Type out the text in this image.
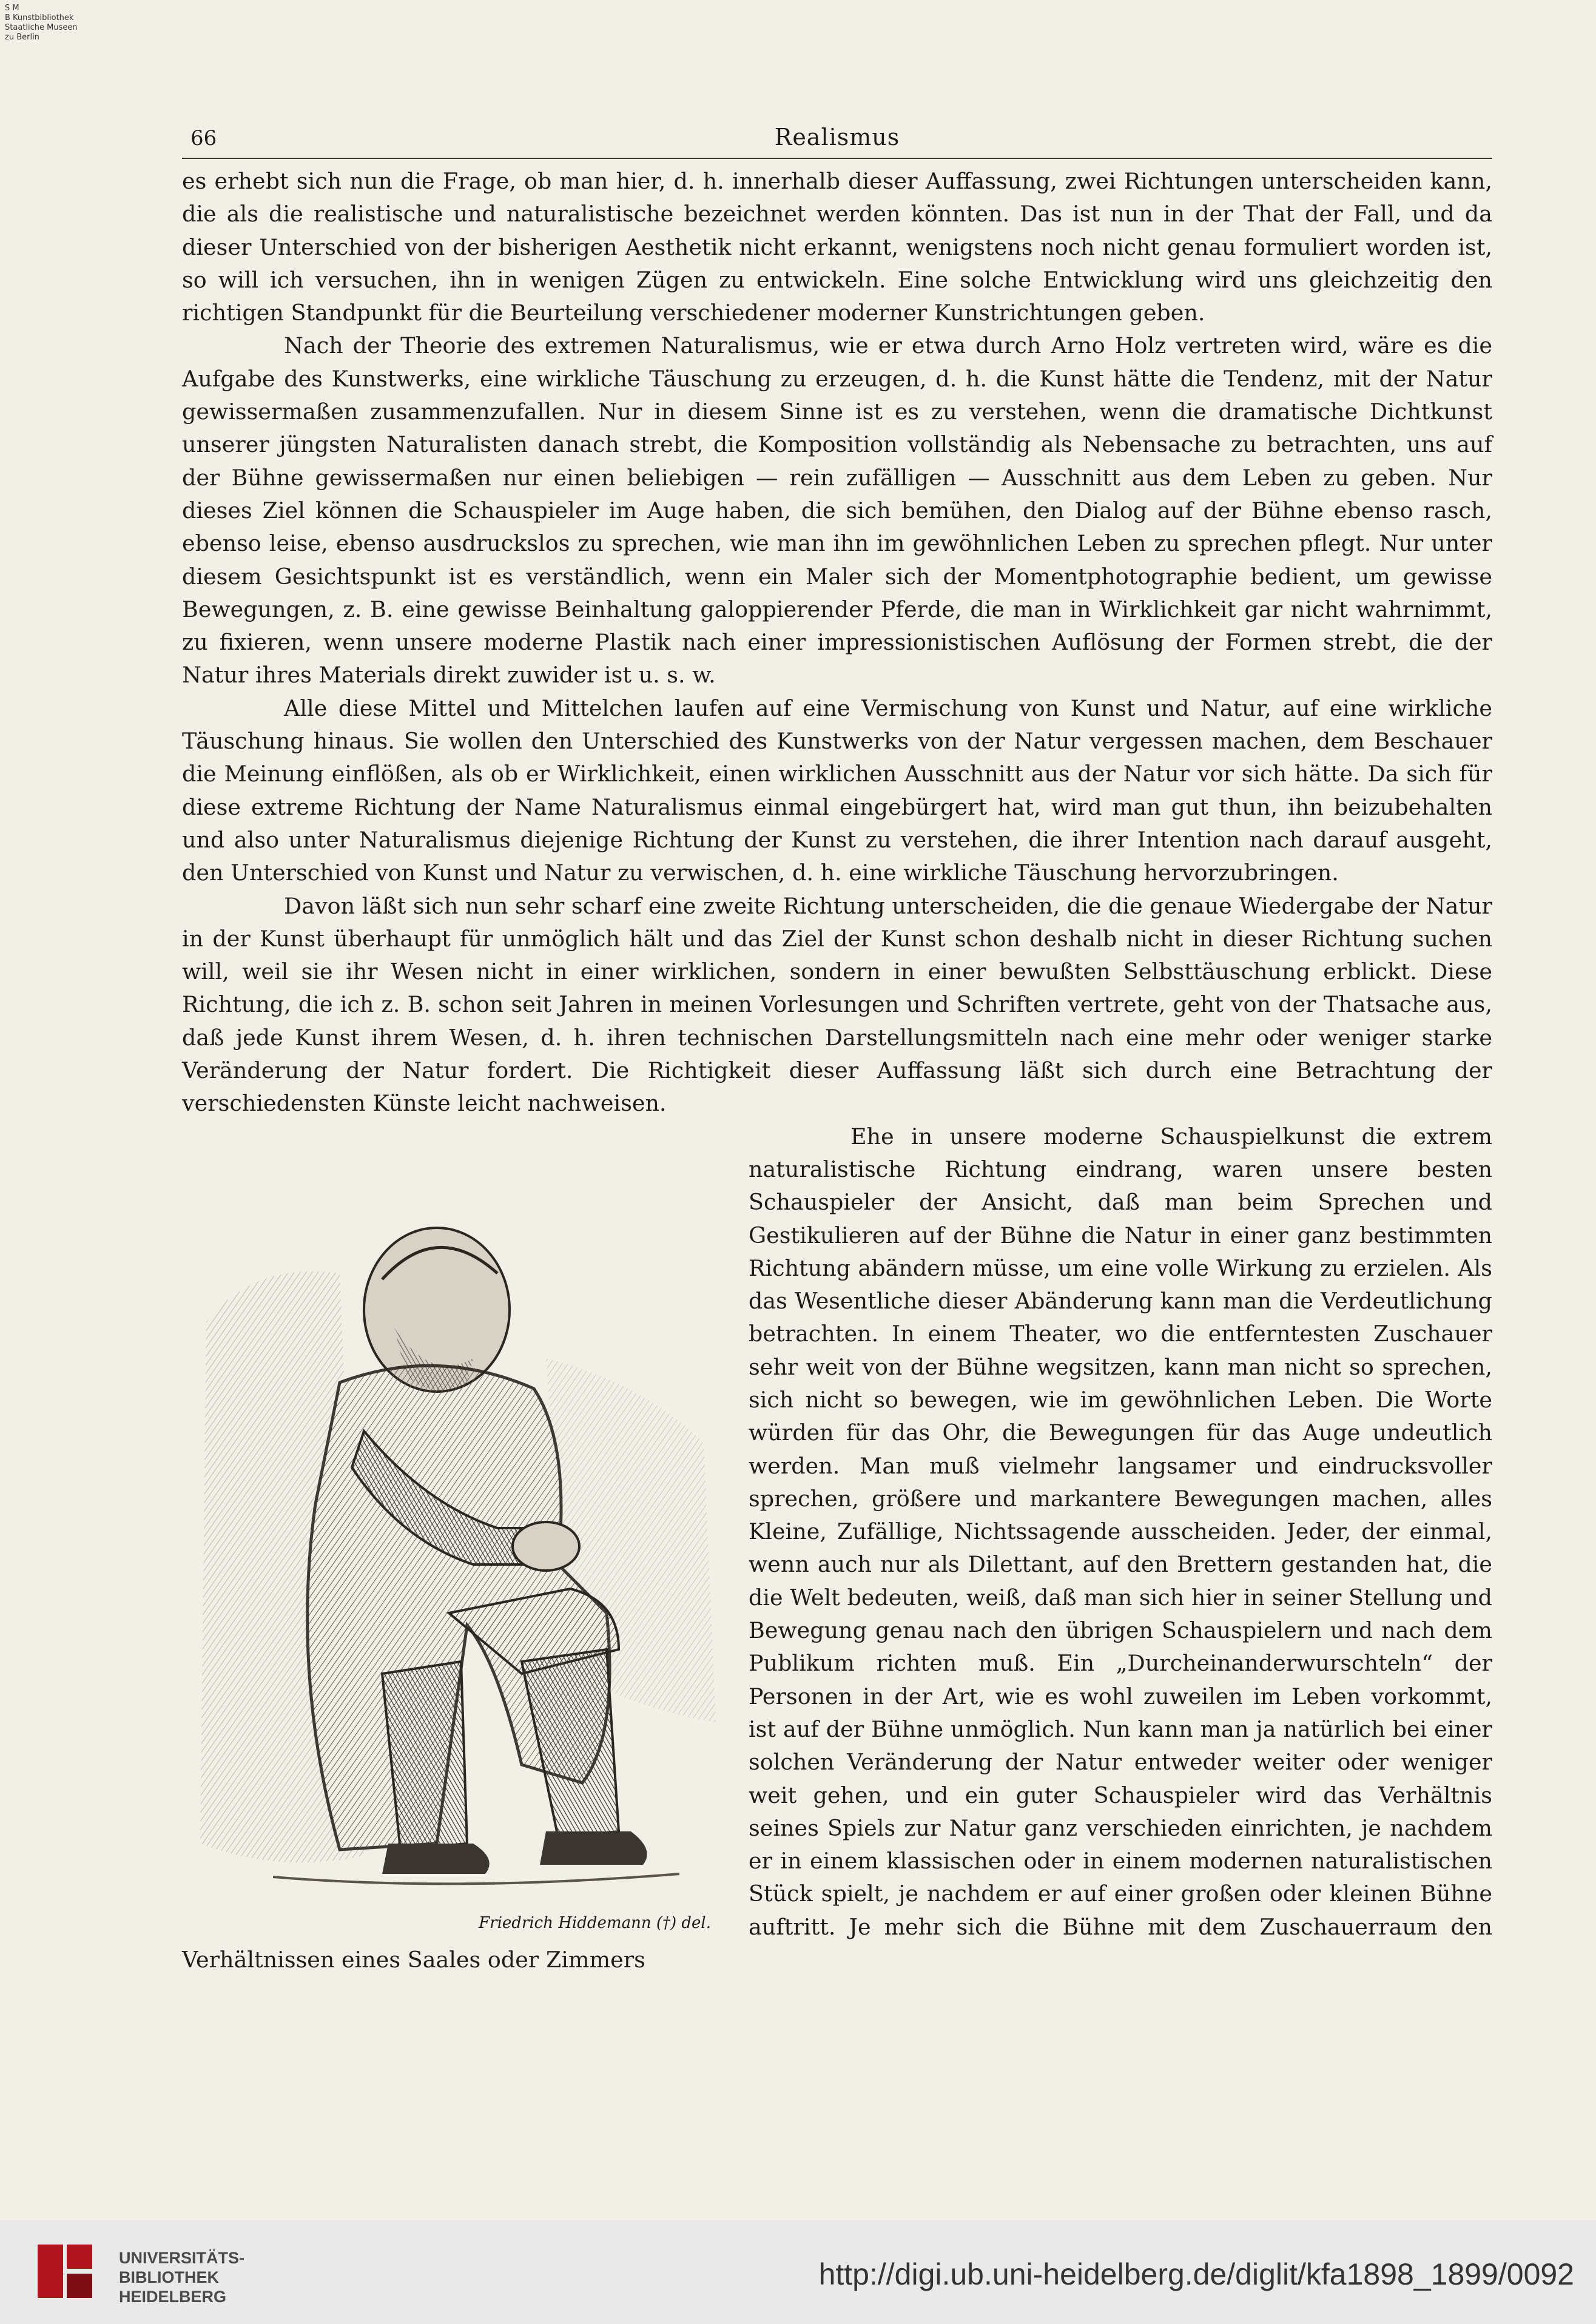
S M
B Kunstbibliothek
Staatliche Museen
zu Berlin
66	Realismus

es erhebt sich nun die Frage, ob man hier, d. h. innerhalb dieser Auffassung, zwei Richtungen unterscheiden kann, die als die realistische und naturalistische bezeichnet werden könnten. Das ist nun in der That der Fall, und da dieser Unterschied von der bisherigen Aesthetik nicht erkannt, wenigstens noch nicht genau formuliert worden ist, so will ich versuchen, ihn in wenigen Zügen zu entwickeln. Eine solche Entwicklung wird uns gleichzeitig den richtigen Standpunkt für die Beurteilung verschiedener moderner Kunstrichtungen geben.

Nach der Theorie des extremen Naturalismus, wie er etwa durch Arno Holz vertreten wird, wäre es die Aufgabe des Kunstwerks, eine wirkliche Täuschung zu erzeugen, d. h. die Kunst hätte die Tendenz, mit der Natur gewissermaßen zusammenzufallen. Nur in diesem Sinne ist es zu verstehen, wenn die dramatische Dichtkunst unserer jüngsten Naturalisten danach strebt, die Komposition vollständig als Nebensache zu betrachten, uns auf der Bühne gewissermaßen nur einen beliebigen — rein zufälligen — Ausschnitt aus dem Leben zu geben. Nur dieses Ziel können die Schauspieler im Auge haben, die sich bemühen, den Dialog auf der Bühne ebenso rasch, ebenso leise, ebenso ausdruckslos zu sprechen, wie man ihn im gewöhnlichen Leben zu sprechen pflegt. Nur unter diesem Gesichtspunkt ist es verständlich, wenn ein Maler sich der Momentphotographie bedient, um gewisse Bewegungen, z. B. eine gewisse Beinhaltung galoppierender Pferde, die man in Wirklichkeit gar nicht wahrnimmt, zu fixieren, wenn unsere moderne Plastik nach einer impressionistischen Auflösung der Formen strebt, die der Natur ihres Materials direkt zuwider ist u. s. w.

Alle diese Mittel und Mittelchen laufen auf eine Vermischung von Kunst und Natur, auf eine wirkliche Täuschung hinaus. Sie wollen den Unterschied des Kunstwerks von der Natur vergessen machen, dem Beschauer die Meinung einflößen, als ob er Wirklichkeit, einen wirklichen Ausschnitt aus der Natur vor sich hätte. Da sich für diese extreme Richtung der Name Naturalismus einmal eingebürgert hat, wird man gut thun, ihn beizubehalten und also unter Naturalismus diejenige Richtung der Kunst zu verstehen, die ihrer Intention nach darauf ausgeht, den Unterschied von Kunst und Natur zu verwischen, d. h. eine wirkliche Täuschung hervorzubringen.

Davon läßt sich nun sehr scharf eine zweite Richtung unterscheiden, die die genaue Wiedergabe der Natur in der Kunst überhaupt für unmöglich hält und das Ziel der Kunst schon deshalb nicht in dieser Richtung suchen will, weil sie ihr Wesen nicht in einer wirklichen, sondern in einer bewußten Selbsttäuschung erblickt. Diese Richtung, die ich z. B. schon seit Jahren in meinen Vorlesungen und Schriften vertrete, geht von der Thatsache aus, daß jede Kunst ihrem Wesen, d. h. ihren technischen Darstellungsmitteln nach eine mehr oder weniger starke Veränderung der Natur fordert. Die Richtigkeit dieser Auffassung läßt sich durch eine Betrachtung der verschiedensten Künste leicht nachweisen.

Friedrich Hiddemann (†) del.

Ehe in unsere moderne Schauspielkunst die extrem naturalistische Richtung eindrang, waren unsere besten Schauspieler der Ansicht, daß man beim Sprechen und Gestikulieren auf der Bühne die Natur in einer ganz bestimmten Richtung abändern müsse, um eine volle Wirkung zu erzielen. Als das Wesentliche dieser Abänderung kann man die Verdeutlichung betrachten. In einem Theater, wo die entferntesten Zuschauer sehr weit von der Bühne wegsitzen, kann man nicht so sprechen, sich nicht so bewegen, wie im gewöhnlichen Leben. Die Worte würden für das Ohr, die Bewegungen für das Auge undeutlich werden. Man muß vielmehr langsamer und eindrucksvoller sprechen, größere und markantere Bewegungen machen, alles Kleine, Zufällige, Nichtssagende ausscheiden. Jeder, der einmal, wenn auch nur als Dilettant, auf den Brettern gestanden hat, die die Welt bedeuten, weiß, daß man sich hier in seiner Stellung und Bewegung genau nach den übrigen Schauspielern und nach dem Publikum richten muß. Ein „Durcheinanderwurschteln“ der Personen in der Art, wie es wohl zuweilen im Leben vorkommt, ist auf der Bühne unmöglich. Nun kann man ja natürlich bei einer solchen Veränderung der Natur entweder weiter oder weniger weit gehen, und ein guter Schauspieler wird das Verhältnis seines Spiels zur Natur ganz verschieden einrichten, je nachdem er in einem klassischen oder in einem modernen naturalistischen Stück spielt, je nachdem er auf einer großen oder kleinen Bühne auftritt. Je mehr sich die Bühne mit dem Zuschauerraum den Verhältnissen eines Saales oder Zimmers

UNIVERSITÄTS-
BIBLIOTHEK
HEIDELBERG
http://digi.ub.uni-heidelberg.de/diglit/kfa1898_1899/0092
